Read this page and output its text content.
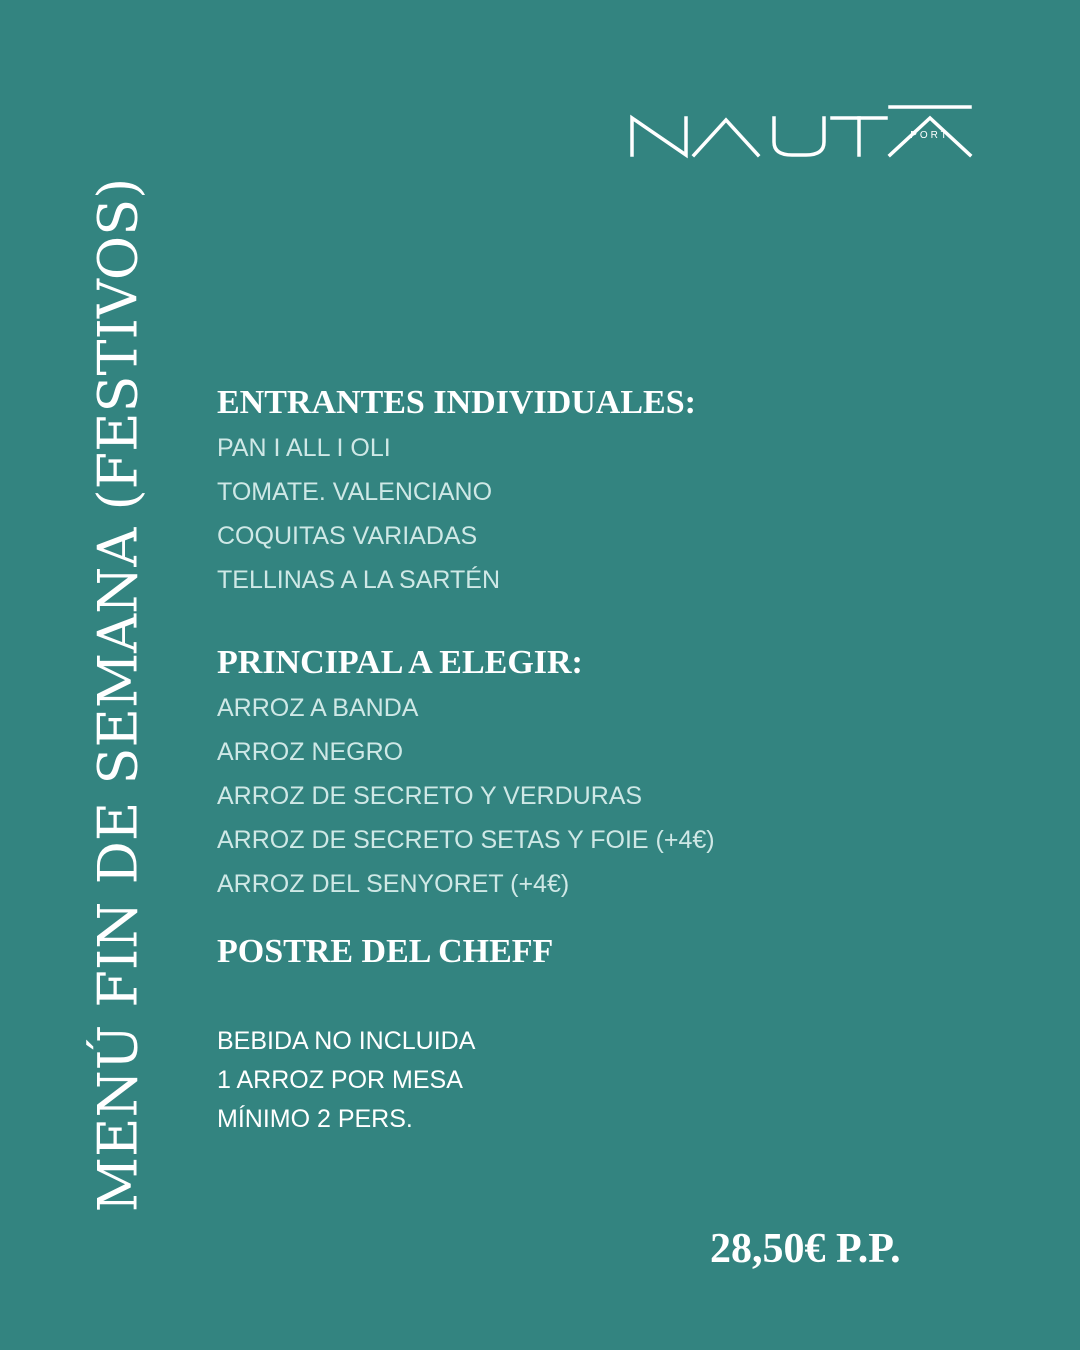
PORT
MENÚ FIN DE SEMANA (FESTIVOS) ENTRANTES INDIVIDUALES:
PAN I ALL I OLI
TOMATE. VALENCIANO
COQUITAS VARIADAS
TELLINAS A LA SARTÉN
PRINCIPAL A ELEGIR:
ARROZ A BANDA
ARROZ NEGRO
ARROZ DE SECRETO Y VERDURAS
ARROZ DE SECRETO SETAS Y FOIE (+4€)
ARROZ DEL SENYORET (+4€)
POSTRE DEL CHEFF
BEBIDA NO INCLUIDA
1 ARROZ POR MESA
MÍNIMO 2 PERS.
28,50€ P.P.
